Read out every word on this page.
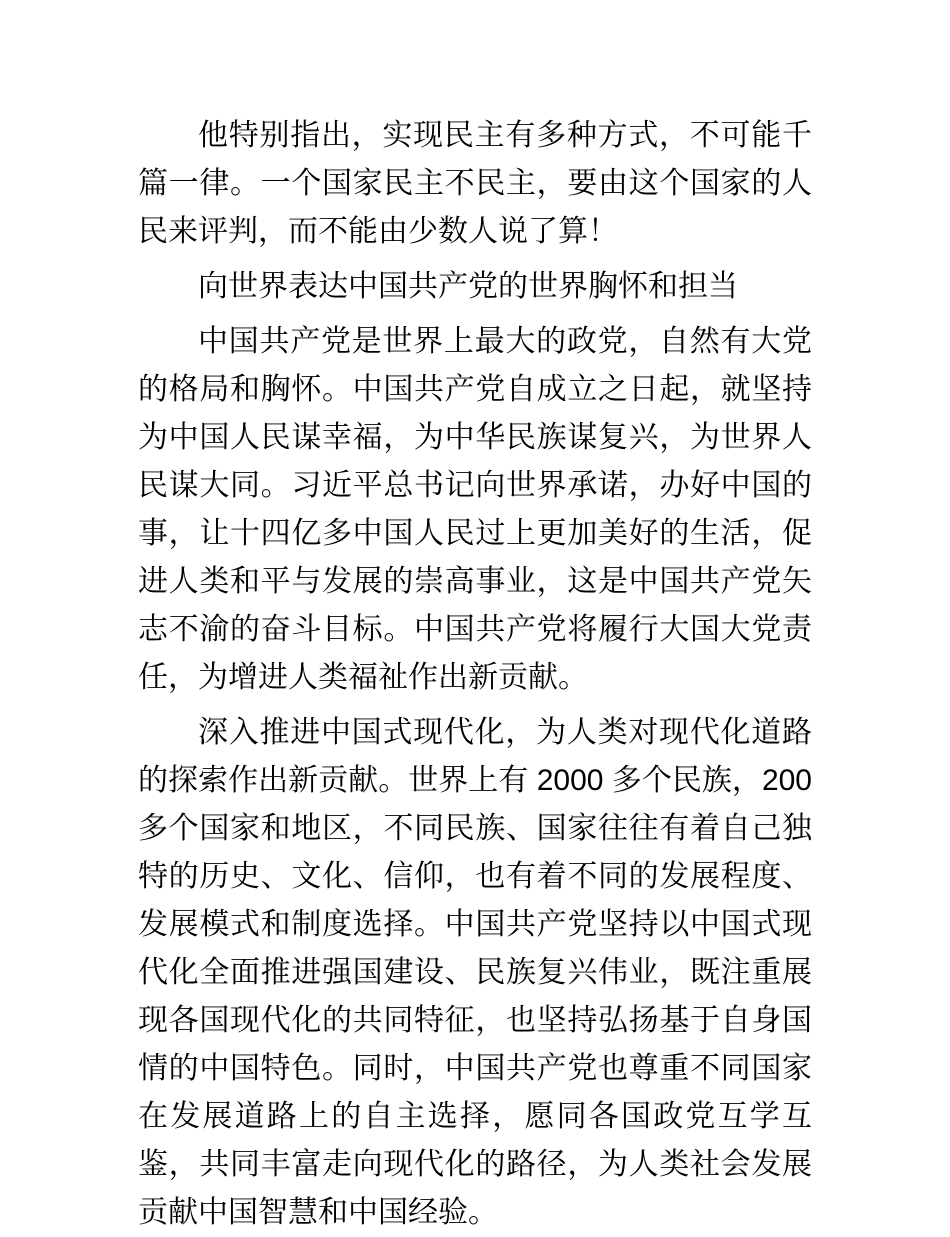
他特别指出，实现民主有多种方式，不可能千篇一律。一个国家民主不民主，要由这个国家的人民来评判，而不能由少数人说了算！

向世界表达中国共产党的世界胸怀和担当

中国共产党是世界上最大的政党，自然有大党的格局和胸怀。中国共产党自成立之日起，就坚持为中国人民谋幸福，为中华民族谋复兴，为世界人民谋大同。习近平总书记向世界承诺，办好中国的事，让十四亿多中国人民过上更加美好的生活，促进人类和平与发展的崇高事业，这是中国共产党矢志不渝的奋斗目标。中国共产党将履行大国大党责任，为增进人类福祉作出新贡献。

深入推进中国式现代化，为人类对现代化道路的探索作出新贡献。世界上有 2000 多个民族，200 多个国家和地区，不同民族、国家往往有着自己独特的历史、文化、信仰，也有着不同的发展程度、发展模式和制度选择。中国共产党坚持以中国式现代化全面推进强国建设、民族复兴伟业，既注重展现各国现代化的共同特征，也坚持弘扬基于自身国情的中国特色。同时，中国共产党也尊重不同国家在发展道路上的自主选择，愿同各国政党互学互鉴，共同丰富走向现代化的路径，为人类社会发展贡献中国智慧和中国经验。
